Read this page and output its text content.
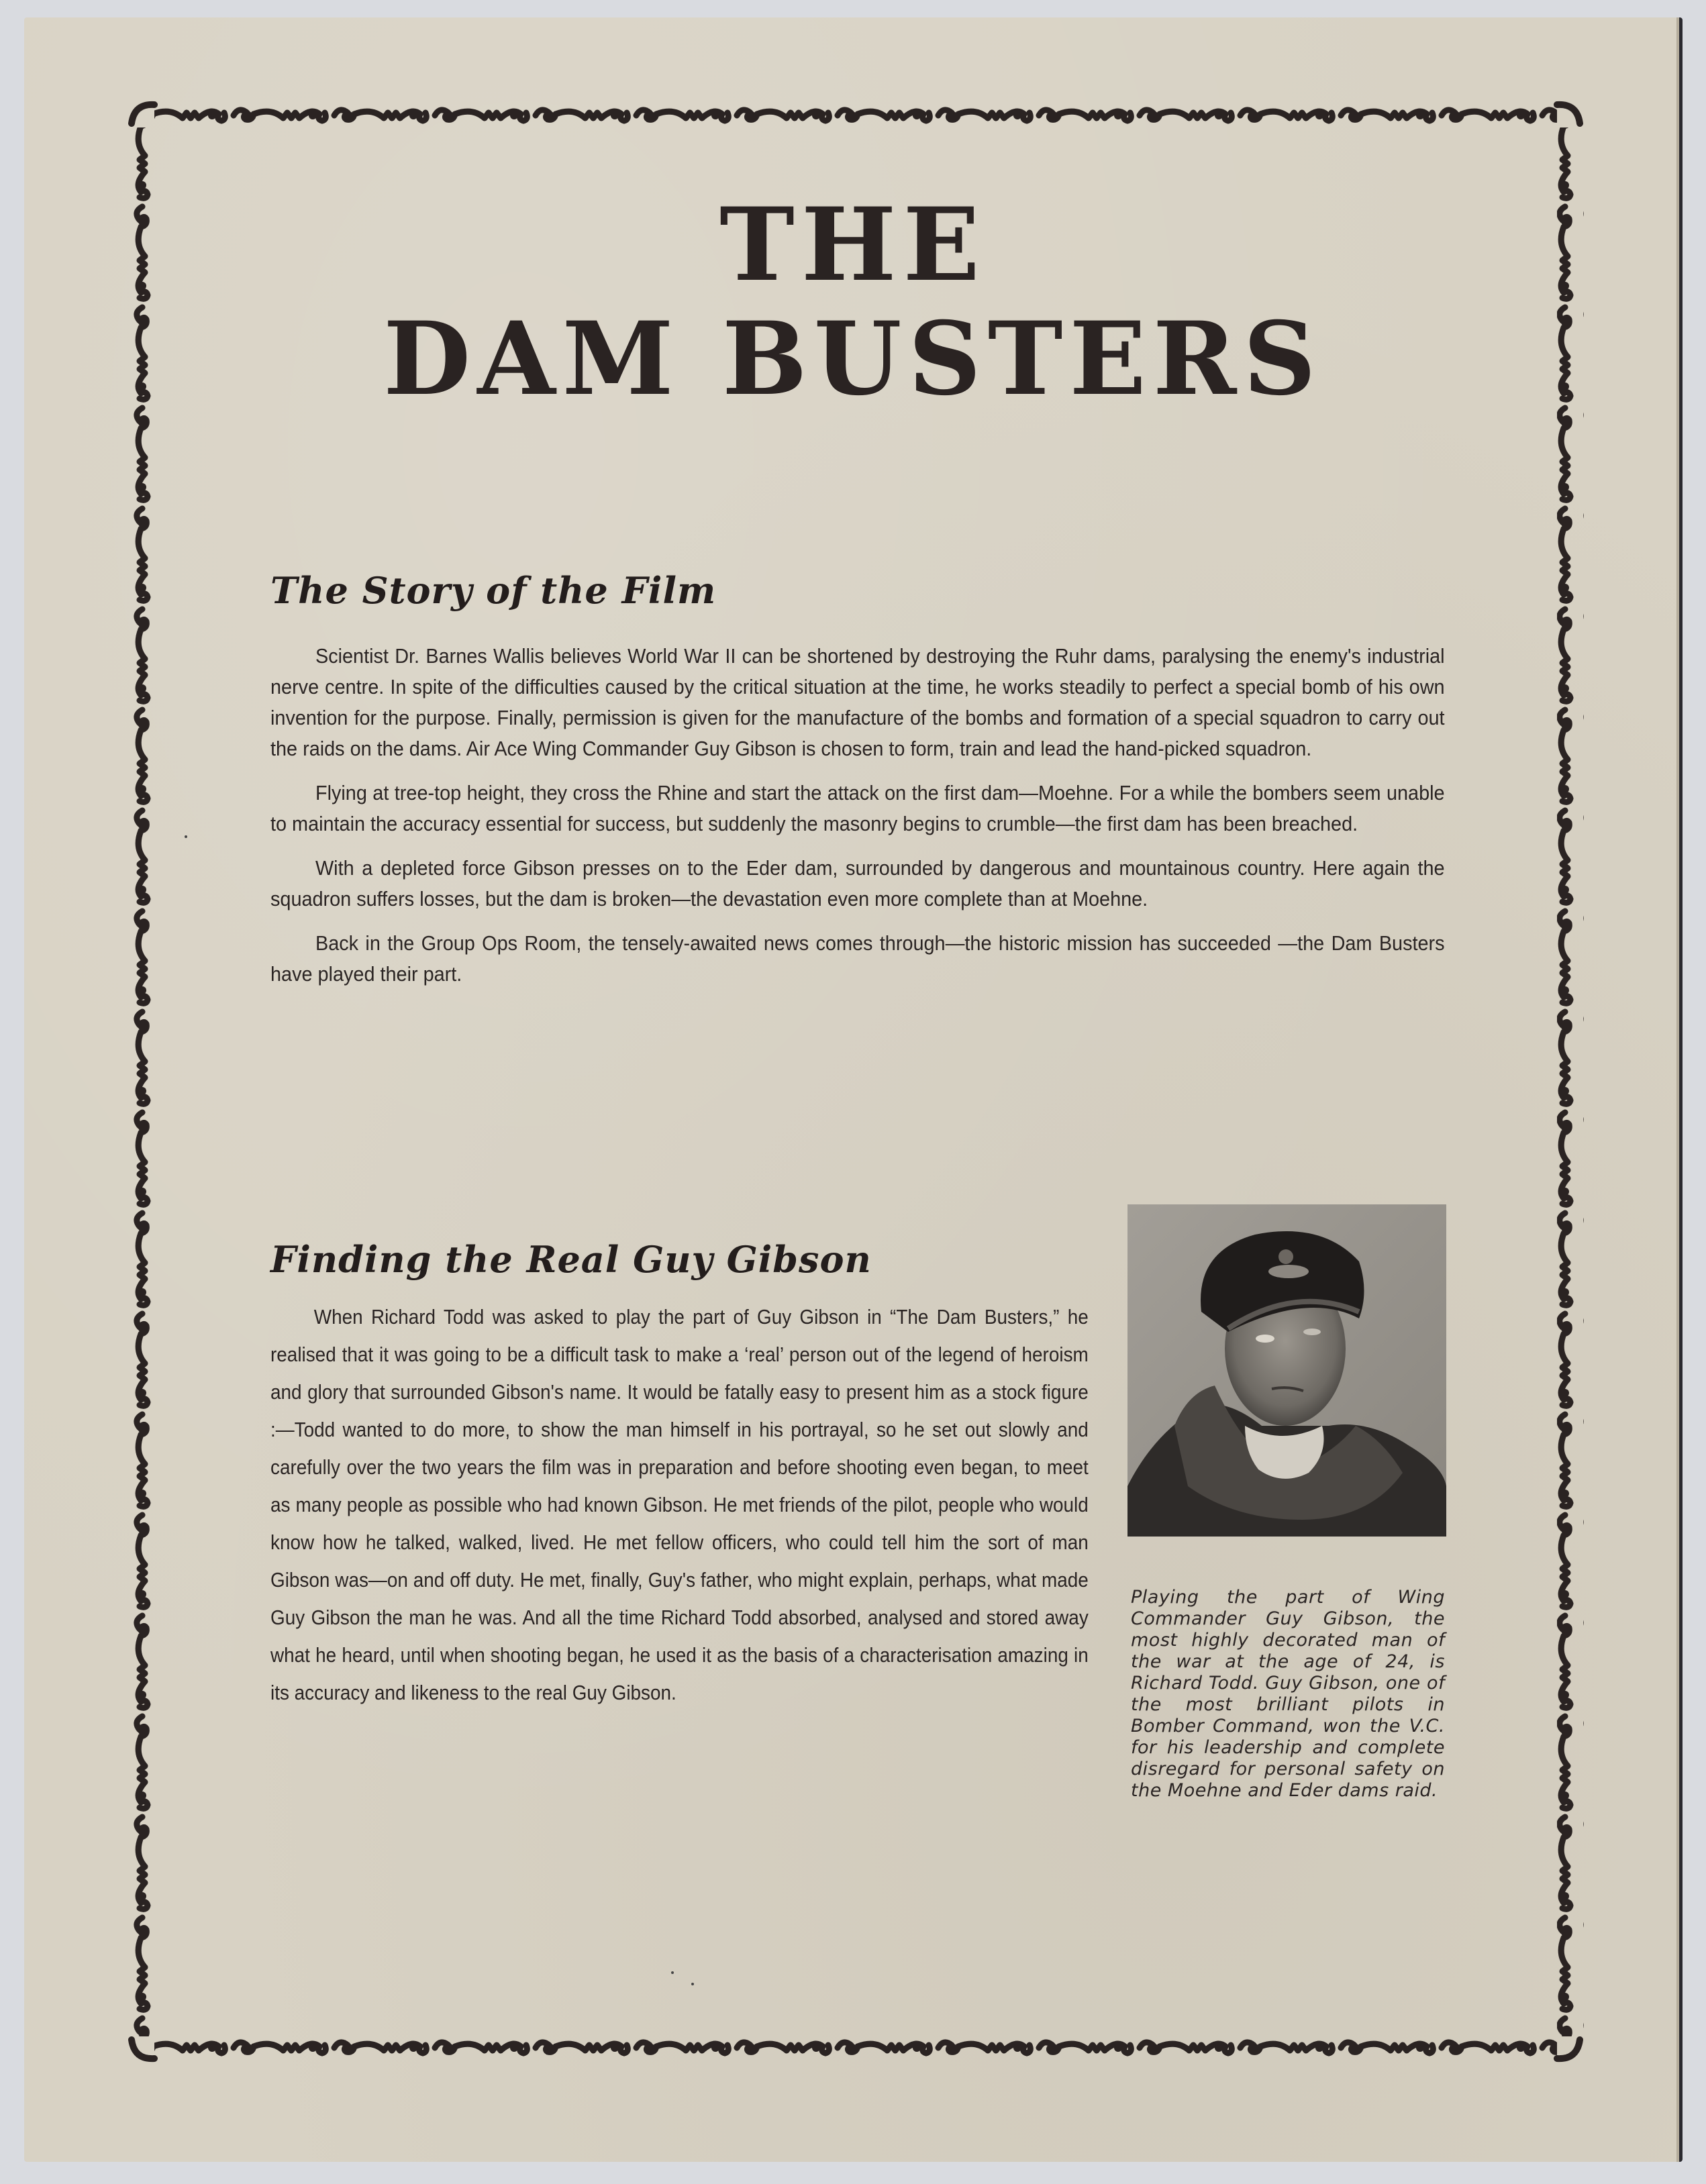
THE
DAM BUSTERS
The Story of the Film

Scientist Dr. Barnes Wallis believes World War II can be shortened by destroying the Ruhr dams, paralysing the enemy's industrial nerve centre. In spite of the difficulties caused by the critical situation at the time, he works steadily to perfect a special bomb of his own invention for the purpose. Finally, permission is given for the manufacture of the bombs and formation of a special squadron to carry out the raids on the dams. Air Ace Wing Commander Guy Gibson is chosen to form, train and lead the hand-picked squadron.

Flying at tree-top height, they cross the Rhine and start the attack on the first dam—Moehne. For a while the bombers seem unable to maintain the accuracy essential for success, but suddenly the masonry begins to crumble—the first dam has been breached.

With a depleted force Gibson presses on to the Eder dam, surrounded by dangerous and mountainous country. Here again the squadron suffers losses, but the dam is broken—the devastation even more complete than at Moehne.

Back in the Group Ops Room, the tensely-awaited news comes through—the historic mission has succeeded —the Dam Busters have played their part.

Finding the Real Guy Gibson

When Richard Todd was asked to play the part of Guy Gibson in “The Dam Busters,” he realised that it was going to be a difficult task to make a ‘real’ person out of the legend of heroism and glory that surrounded Gibson's name. It would be fatally easy to present him as a stock figure :—Todd wanted to do more, to show the man himself in his portrayal, so he set out slowly and carefully over the two years the film was in preparation and before shooting even began, to meet as many people as possible who had known Gibson. He met friends of the pilot, people who would know how he talked, walked, lived. He met fellow officers, who could tell him the sort of man Gibson was—on and off duty. He met, finally, Guy's father, who might explain, perhaps, what made Guy Gibson the man he was. And all the time Richard Todd absorbed, analysed and stored away what he heard, until when shooting began, he used it as the basis of a characterisation amazing in its accuracy and likeness to the real Guy Gibson.

Playing the part of Wing Commander Guy Gibson, the most highly decorated man of the war at the age of 24, is Richard Todd. Guy Gibson, one of the most brilliant pilots in Bomber Command, won the V.C. for his leadership and complete disregard for personal safety on the Moehne and Eder dams raid.
